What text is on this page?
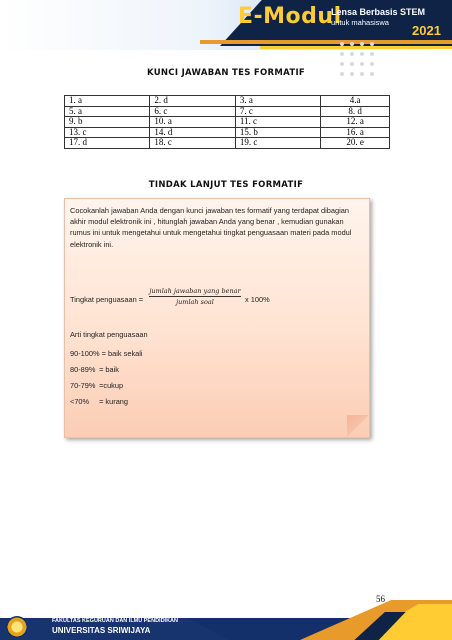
E-Modul
Lensa Berbasis STEM
untuk mahasiswa
2021
KUNCI JAWABAN TES FORMATIF
1. a	2. d	3. a	4.a
5. a	6. c	7. c	8. d
9. b	10. a	11. c	12. a
13. c	14. d	15. b	16. a
17. d	18. c	19. c	20. e
TINDAK LANJUT TES FORMATIF
Cocokanlah jawaban Anda dengan kunci jawaban tes formatif yang terdapat dibagian akhir modul elektronik ini , hitunglah jawaban Anda yang benar , kemudian gunakan rumus ini untuk mengetahui untuk mengetahui tingkat penguasaan materi pada modul elektronik ini.
Tingkat penguasaan =
jumlah jawaban yang benar
jumlah soal	x 100%
Arti tingkat penguasaan
90-100% = baik sekali
80-89% = baik
70-79% =cukup
<70% = kurang
56
FAKULTAS KEGURUAN DAN ILMU PENDIDIKAN
UNIVERSITAS SRIWIJAYA
